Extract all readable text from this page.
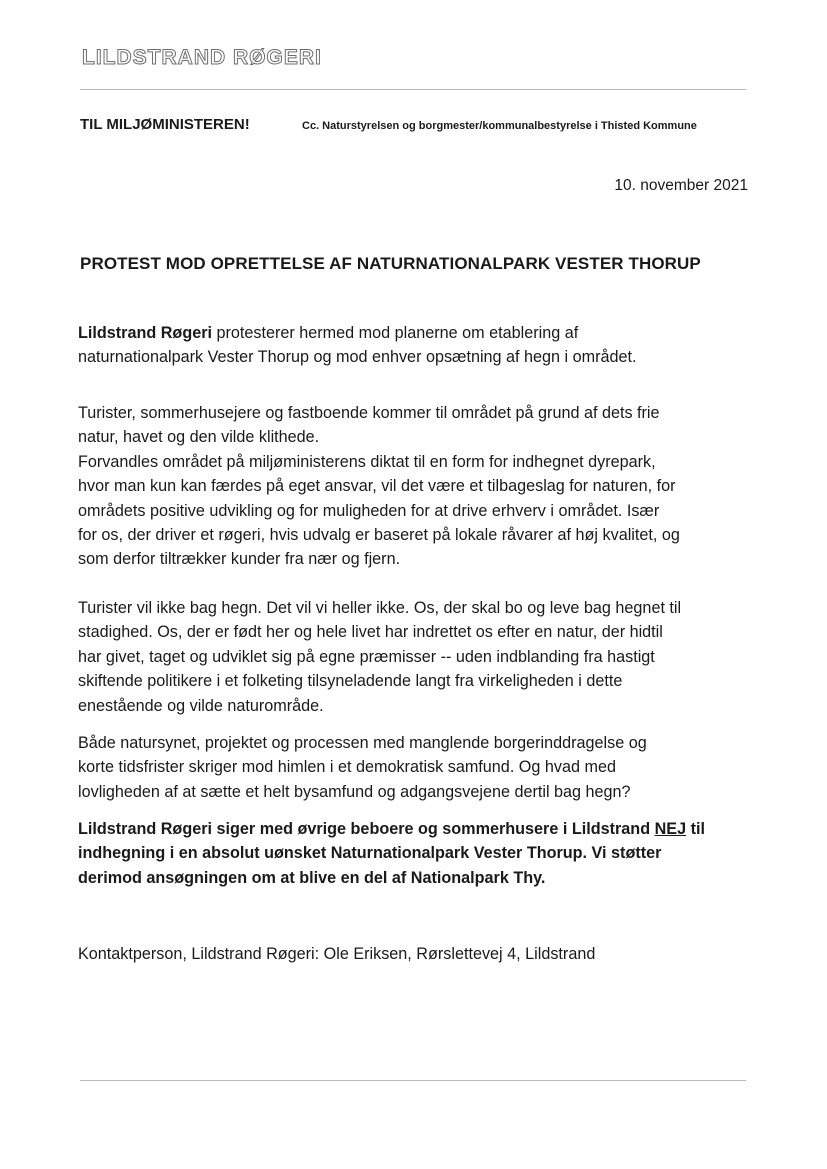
LILDSTRAND RØGERI
TIL MILJØMINISTEREN!	Cc. Naturstyrelsen og borgmester/kommunalbestyrelse i Thisted Kommune
10. november 2021
PROTEST MOD OPRETTELSE AF NATURNATIONALPARK VESTER THORUP
Lildstrand Røgeri protesterer hermed mod planerne om etablering af
naturnationalpark Vester Thorup og mod enhver opsætning af hegn i området.
Turister, sommerhusejere og fastboende kommer til området på grund af dets frie
natur, havet og den vilde klithede.
Forvandles området på miljøministerens diktat til en form for indhegnet dyrepark,
hvor man kun kan færdes på eget ansvar, vil det være et tilbageslag for naturen, for
områdets positive udvikling og for muligheden for at drive erhverv i området. Især
for os, der driver et røgeri, hvis udvalg er baseret på lokale råvarer af høj kvalitet, og
som derfor tiltrækker kunder fra nær og fjern.
Turister vil ikke bag hegn. Det vil vi heller ikke. Os, der skal bo og leve bag hegnet til
stadighed. Os, der er født her og hele livet har indrettet os efter en natur, der hidtil
har givet, taget og udviklet sig på egne præmisser -- uden indblanding fra hastigt
skiftende politikere i et folketing tilsyneladende langt fra virkeligheden i dette
enestående og vilde naturområde.
Både natursynet, projektet og processen med manglende borgerinddragelse og
korte tidsfrister skriger mod himlen i et demokratisk samfund. Og hvad med
lovligheden af at sætte et helt bysamfund og adgangsvejene dertil bag hegn?
Lildstrand Røgeri siger med øvrige beboere og sommerhusere i Lildstrand NEJ til
indhegning i en absolut uønsket Naturnationalpark Vester Thorup. Vi støtter
derimod ansøgningen om at blive en del af Nationalpark Thy.
Kontaktperson, Lildstrand Røgeri: Ole Eriksen, Rørslettevej 4, Lildstrand
